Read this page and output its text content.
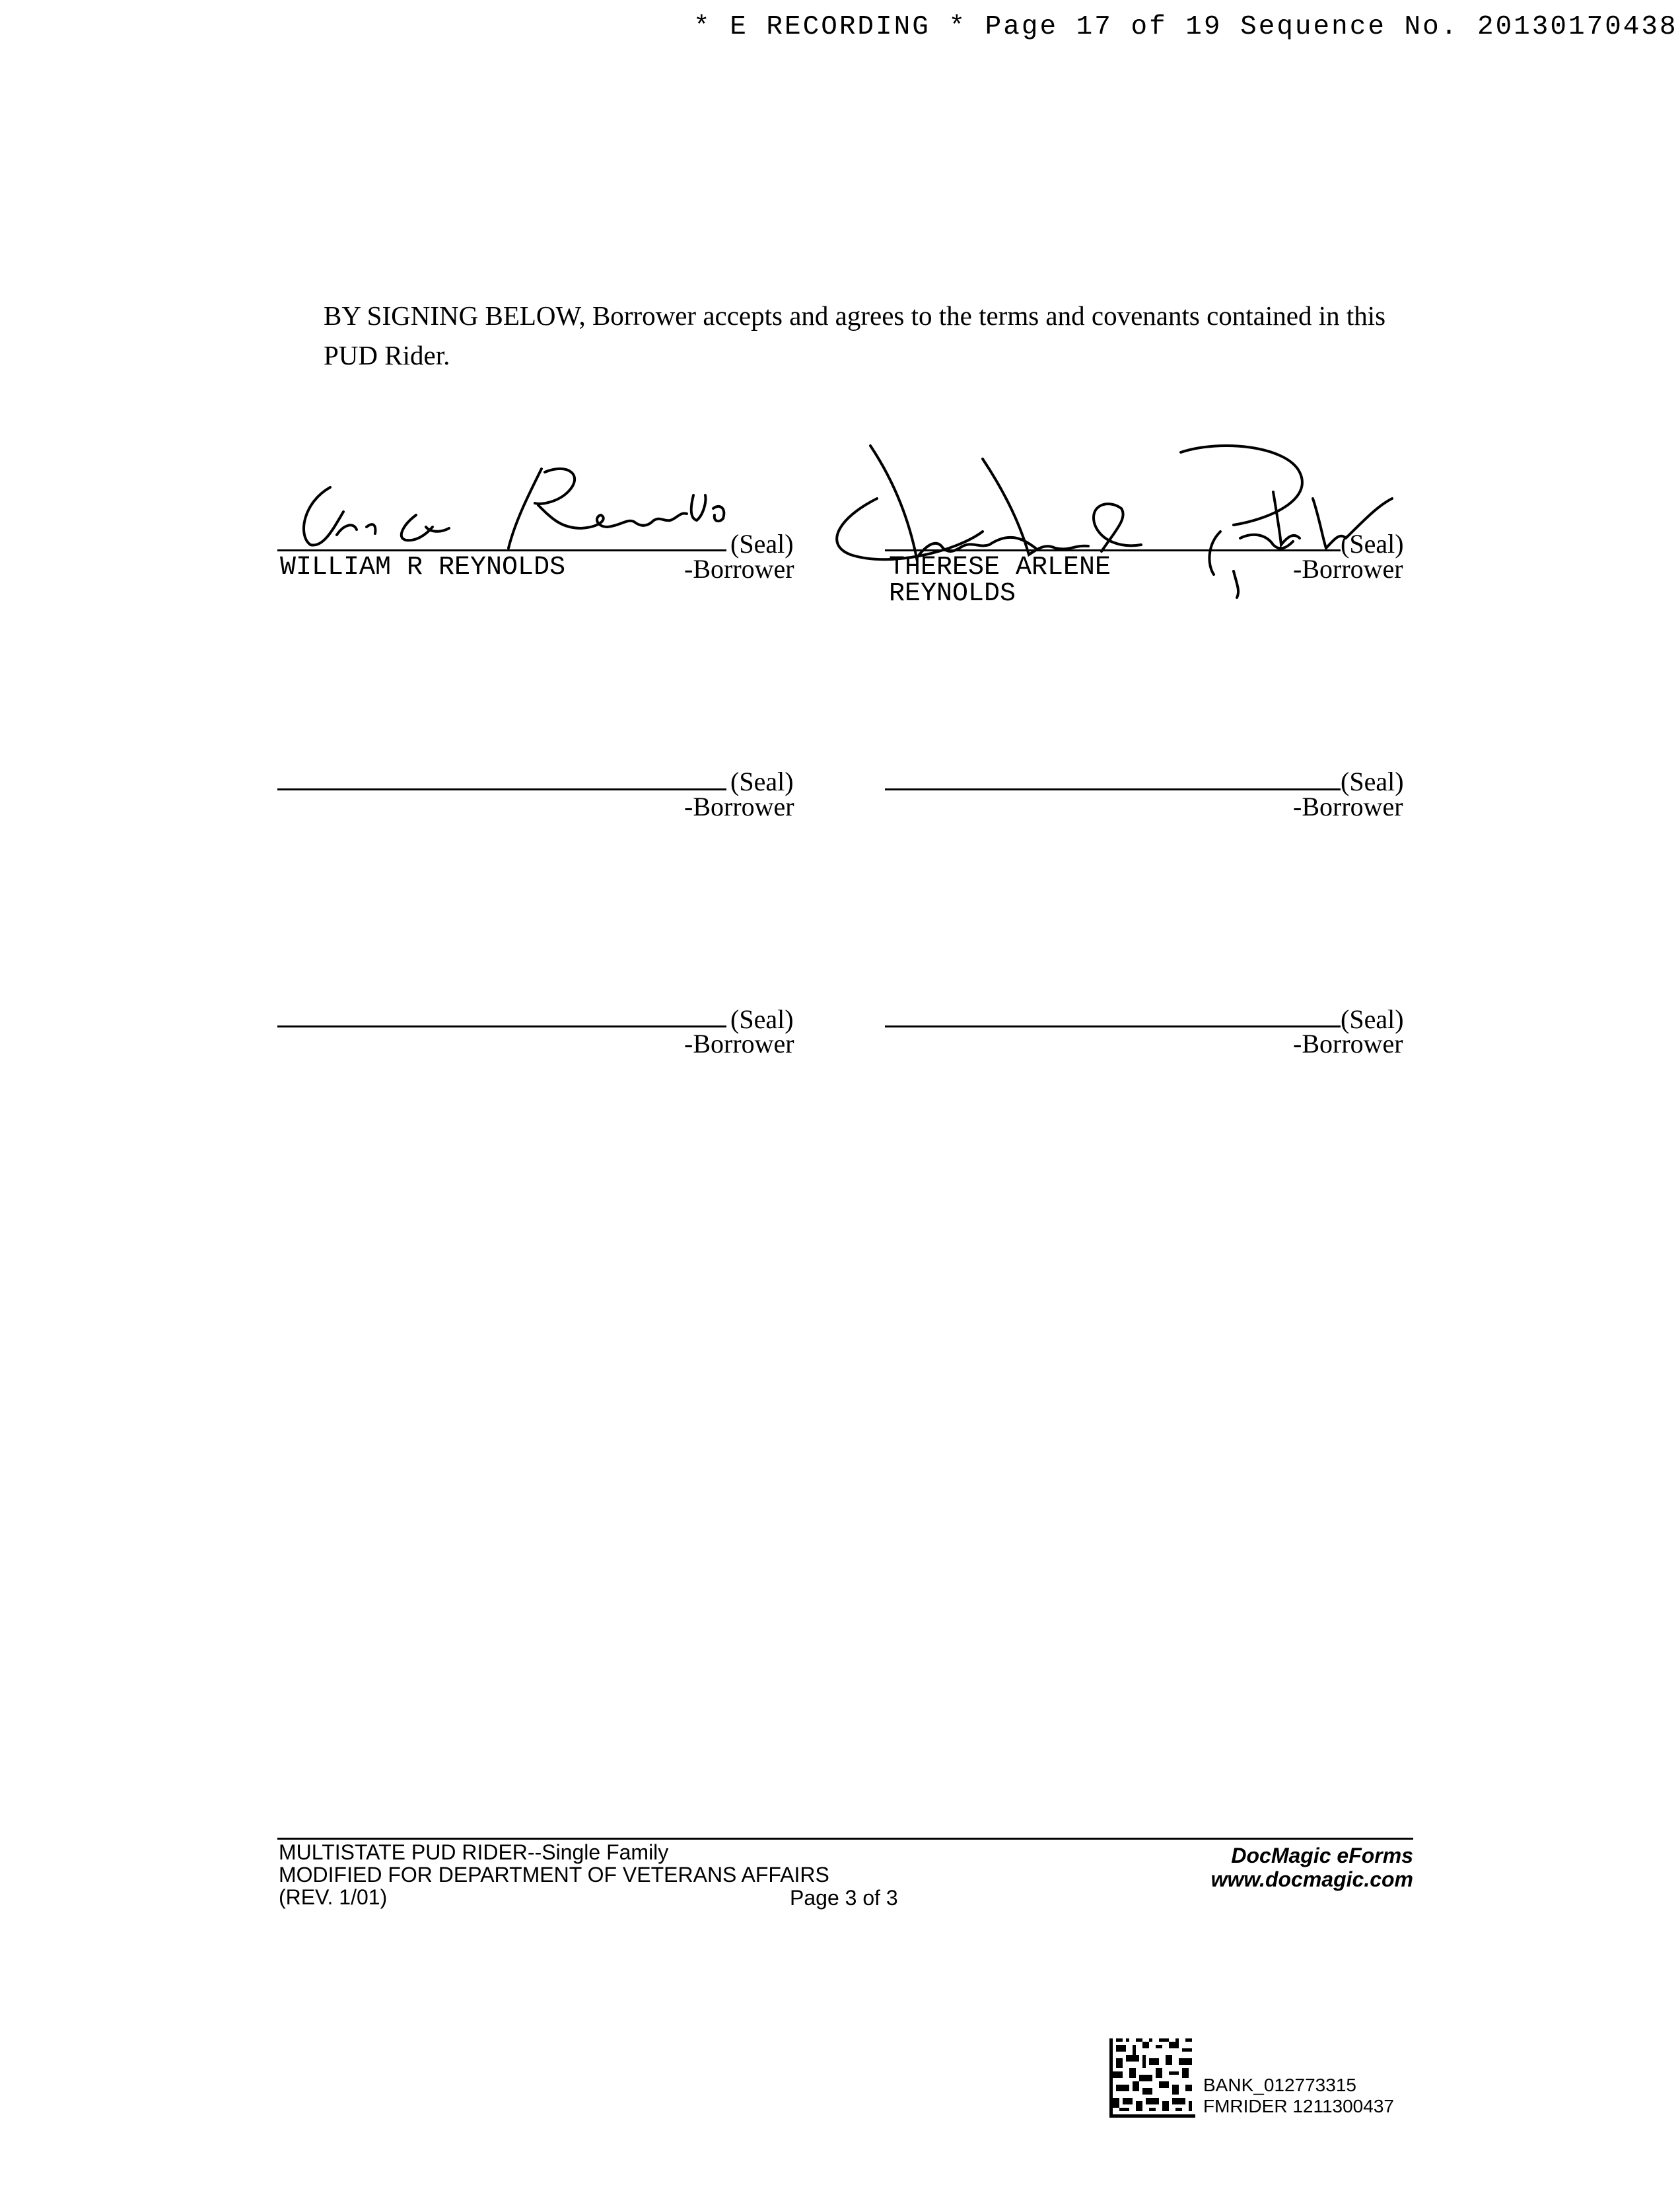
* E RECORDING * Page 17 of 19 Sequence No. 20130170438
BY SIGNING BELOW, Borrower accepts and agrees to the terms and covenants contained in this PUD Rider.
(Seal)
WILLIAM R REYNOLDS	-Borrower
(Seal)
THERESE ARLENE
REYNOLDS
-Borrower
(Seal)
-Borrower
(Seal)
-Borrower
(Seal)
-Borrower
(Seal)
-Borrower
MULTISTATE PUD RIDER--Single Family
MODIFIED FOR DEPARTMENT OF VETERANS AFFAIRS
(REV. 1/01)	Page 3 of 3
DocMagic eForms
www.docmagic.com
BANK_012773315
FMRIDER 1211300437
